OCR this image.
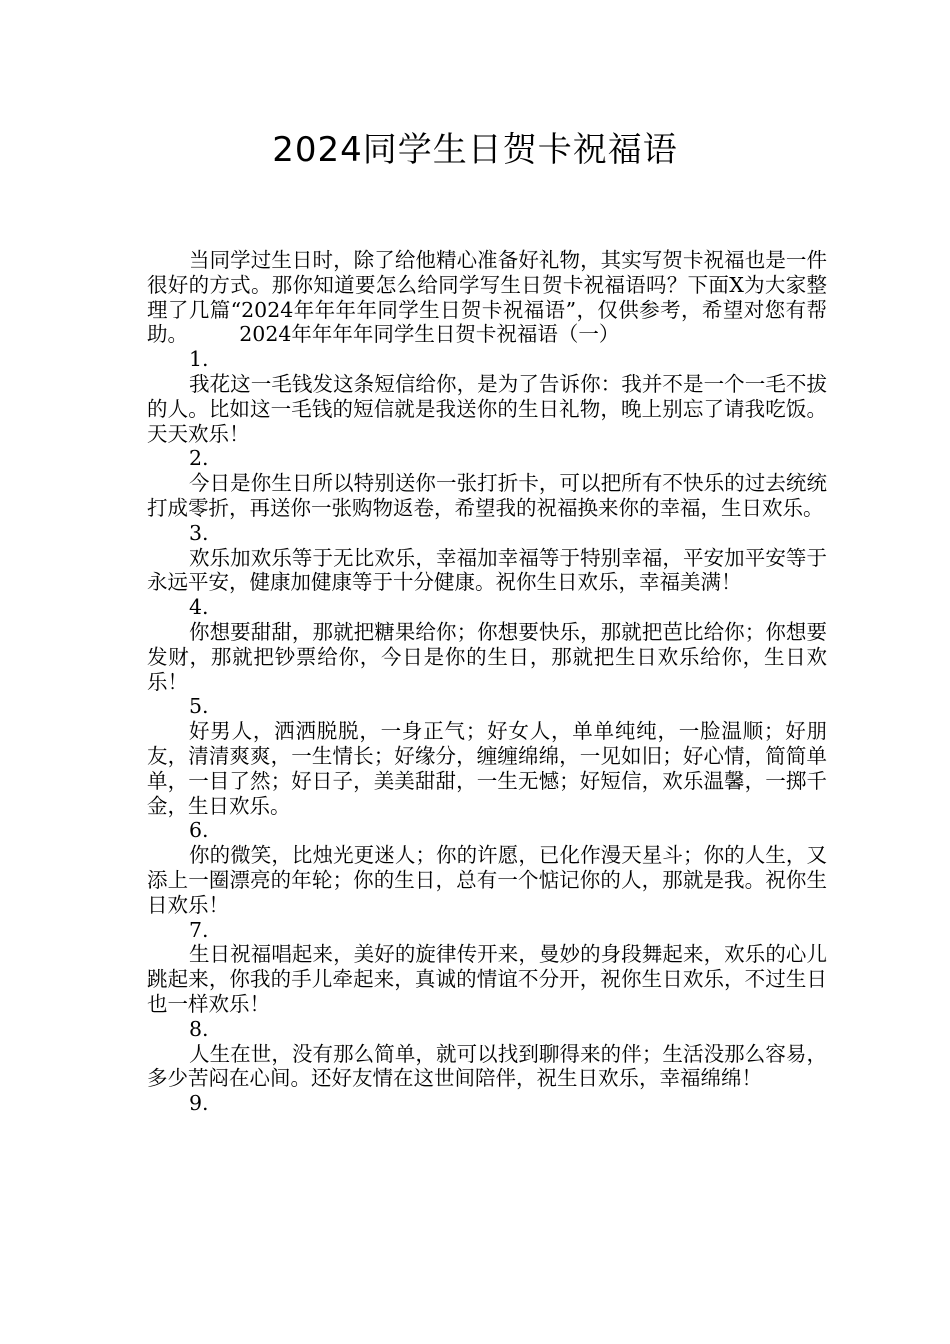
2024同学生日贺卡祝福语

当同学过生日时，除了给他精心准备好礼物，其实写贺卡祝福也是一件很好的方式。那你知道要怎么给同学写生日贺卡祝福语吗？下面X为大家整理了几篇“2024年年年年同学生日贺卡祝福语”，仅供参考，希望对您有帮助。　　　2024年年年年同学生日贺卡祝福语（一）

1.

我花这一毛钱发这条短信给你，是为了告诉你：我并不是一个一毛不拔的人。比如这一毛钱的短信就是我送你的生日礼物，晚上别忘了请我吃饭。天天欢乐！

2.

今日是你生日所以特别送你一张打折卡，可以把所有不快乐的过去统统打成零折，再送你一张购物返卷，希望我的祝福换来你的幸福，生日欢乐。

3.

欢乐加欢乐等于无比欢乐，幸福加幸福等于特别幸福，平安加平安等于永远平安，健康加健康等于十分健康。祝你生日欢乐，幸福美满！

4.

你想要甜甜，那就把糖果给你；你想要快乐，那就把芭比给你；你想要发财，那就把钞票给你，今日是你的生日，那就把生日欢乐给你，生日欢乐！

5.

好男人，洒洒脱脱，一身正气；好女人，单单纯纯，一脸温顺；好朋友，清清爽爽，一生情长；好缘分，缠缠绵绵，一见如旧；好心情，简简单单，一目了然；好日子，美美甜甜，一生无憾；好短信，欢乐温馨，一掷千金，生日欢乐。

6.

你的微笑，比烛光更迷人；你的许愿，已化作漫天星斗；你的人生，又添上一圈漂亮的年轮；你的生日，总有一个惦记你的人，那就是我。祝你生日欢乐！

7.

生日祝福唱起来，美好的旋律传开来，曼妙的身段舞起来，欢乐的心儿跳起来，你我的手儿牵起来，真诚的情谊不分开，祝你生日欢乐，不过生日也一样欢乐！

8.

人生在世，没有那么简单，就可以找到聊得来的伴；生活没那么容易，多少苦闷在心间。还好友情在这世间陪伴，祝生日欢乐，幸福绵绵！

9.
